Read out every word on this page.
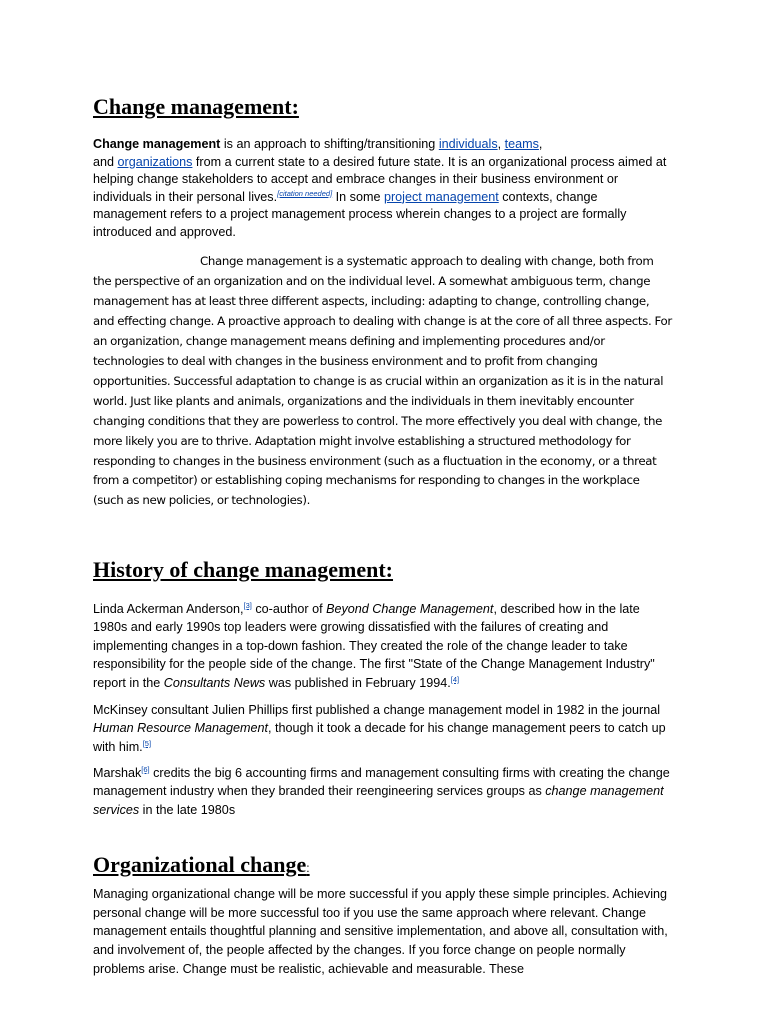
Change management:

Change management is an approach to shifting/transitioning individuals, teams,
and organizations from a current state to a desired future state. It is an organizational process aimed at helping change stakeholders to accept and embrace changes in their business environment or individuals in their personal lives.[citation needed] In some project management contexts, change management refers to a project management process wherein changes to a project are formally introduced and approved.

Change management is a systematic approach to dealing with change, both from the perspective of an organization and on the individual level. A somewhat ambiguous term, change management has at least three different aspects, including: adapting to change, controlling change, and effecting change. A proactive approach to dealing with change is at the core of all three aspects. For an organization, change management means defining and implementing procedures and/or technologies to deal with changes in the business environment and to profit from changing opportunities. Successful adaptation to change is as crucial within an organization as it is in the natural world. Just like plants and animals, organizations and the individuals in them inevitably encounter changing conditions that they are powerless to control. The more effectively you deal with change, the more likely you are to thrive. Adaptation might involve establishing a structured methodology for responding to changes in the business environment (such as a fluctuation in the economy, or a threat from a competitor) or establishing coping mechanisms for responding to changes in the workplace (such as new policies, or technologies).

History of change management:

Linda Ackerman Anderson,[3] co-author of Beyond Change Management, described how in the late 1980s and early 1990s top leaders were growing dissatisfied with the failures of creating and implementing changes in a top-down fashion. They created the role of the change leader to take responsibility for the people side of the change. The first "State of the Change Management Industry" report in the Consultants News was published in February 1994.[4]

McKinsey consultant Julien Phillips first published a change management model in 1982 in the journal Human Resource Management, though it took a decade for his change management peers to catch up with him.[5]

Marshak[6] credits the big 6 accounting firms and management consulting firms with creating the change management industry when they branded their reengineering services groups as change management services in the late 1980s

Organizational change:

Managing organizational change will be more successful if you apply these simple principles. Achieving personal change will be more successful too if you use the same approach where relevant. Change management entails thoughtful planning and sensitive implementation, and above all, consultation with, and involvement of, the people affected by the changes. If you force change on people normally problems arise. Change must be realistic, achievable and measurable. These
